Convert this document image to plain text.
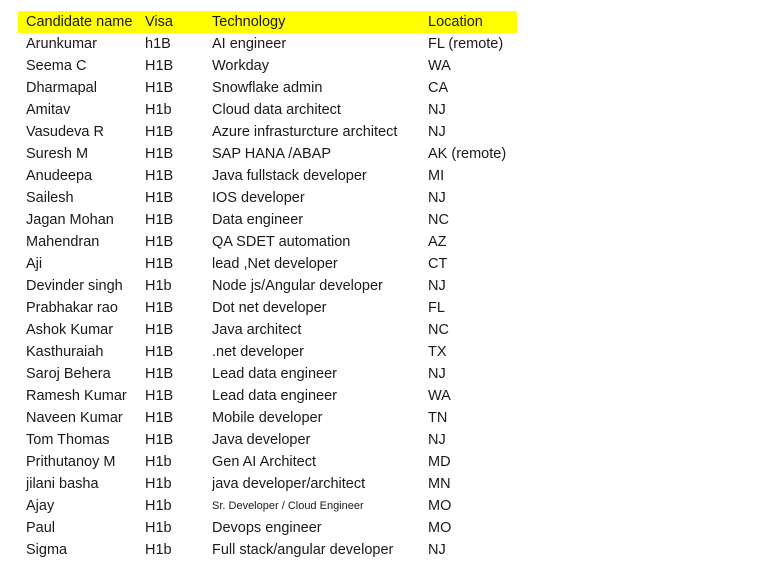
Candidate name	Visa	Technology	Location
Arunkumar	h1B	AI engineer	FL (remote)
Seema C	H1B	Workday	WA
Dharmapal	H1B	Snowflake admin	CA
Amitav	H1b	Cloud data architect	NJ
Vasudeva R	H1B	Azure infrasturcture architect	NJ
Suresh M	H1B	SAP HANA /ABAP	AK (remote)
Anudeepa	H1B	Java fullstack developer	MI
Sailesh	H1B	IOS developer	NJ
Jagan Mohan	H1B	Data engineer	NC
Mahendran	H1B	QA SDET automation	AZ
Aji	H1B	lead ,Net developer	CT
Devinder singh	H1b	Node js/Angular developer	NJ
Prabhakar rao	H1B	Dot net developer	FL
Ashok Kumar	H1B	Java architect	NC
Kasthuraiah	H1B	.net developer	TX
Saroj Behera	H1B	Lead data engineer	NJ
Ramesh Kumar	H1B	Lead data engineer	WA
Naveen Kumar	H1B	Mobile developer	TN
Tom Thomas	H1B	Java developer	NJ
Prithutanoy M	H1b	Gen AI Architect	MD
jilani basha	H1b	java developer/architect	MN
Ajay	H1b	Sr. Developer / Cloud Engineer	MO
Paul	H1b	Devops engineer	MO
Sigma	H1b	Full stack/angular developer	NJ
